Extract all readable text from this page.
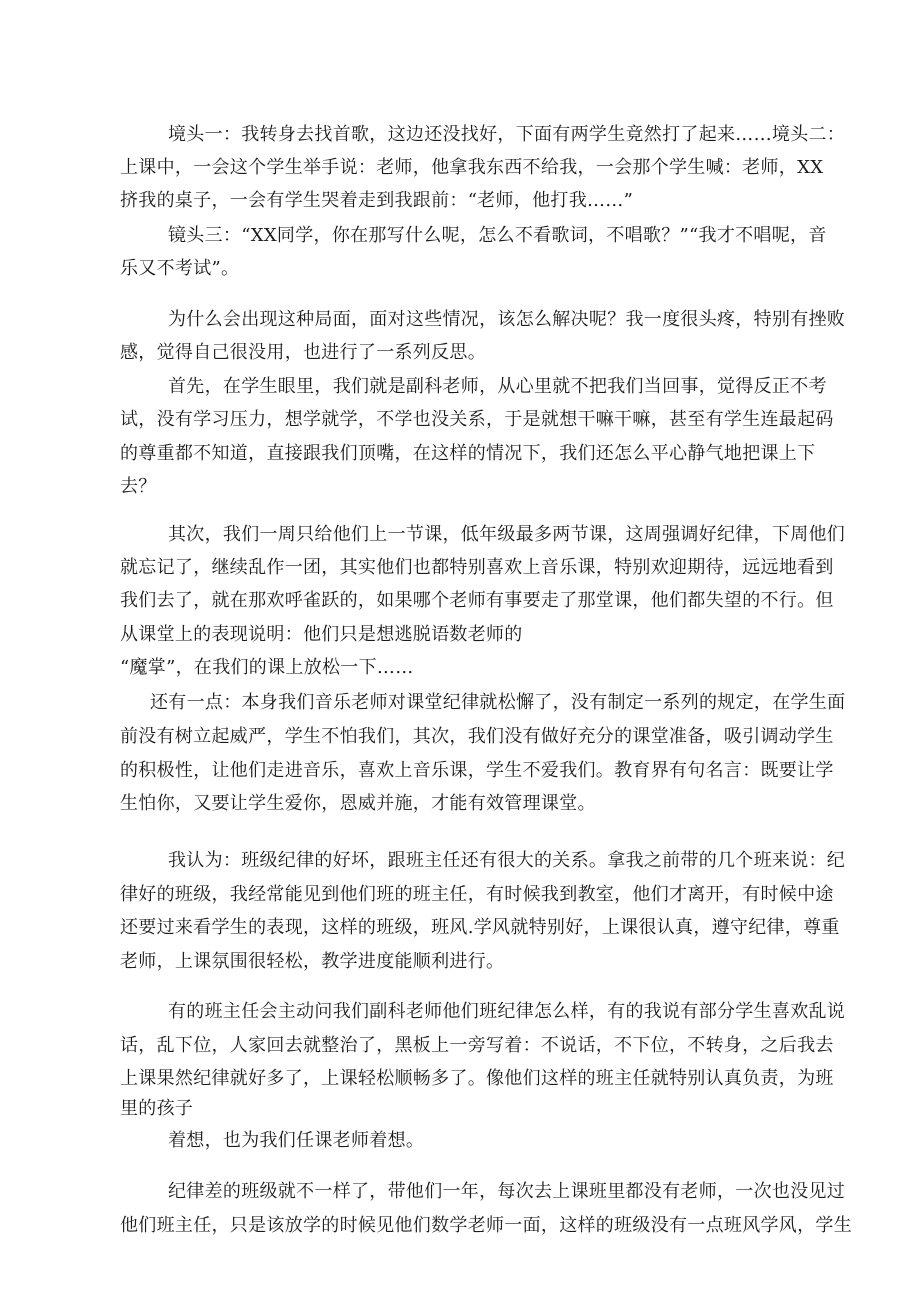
境头一：我转身去找首歌，这边还没找好，下面有两学生竟然打了起来……境头二：
上课中，一会这个学生举手说：老师，他拿我东西不给我，一会那个学生喊：老师，XX
挤我的桌子，一会有学生哭着走到我跟前：“老师，他打我……”
镜头三：“XX同学，你在那写什么呢，怎么不看歌词，不唱歌？”“我才不唱呢，音
乐又不考试”。
为什么会出现这种局面，面对这些情况，该怎么解决呢？我一度很头疼，特别有挫败
感，觉得自己很没用，也进行了一系列反思。
首先，在学生眼里，我们就是副科老师，从心里就不把我们当回事，觉得反正不考
试，没有学习压力，想学就学，不学也没关系，于是就想干嘛干嘛，甚至有学生连最起码
的尊重都不知道，直接跟我们顶嘴，在这样的情况下，我们还怎么平心静气地把课上下
去？
其次，我们一周只给他们上一节课，低年级最多两节课，这周强调好纪律，下周他们
就忘记了，继续乱作一团，其实他们也都特别喜欢上音乐课，特别欢迎期待，远远地看到
我们去了，就在那欢呼雀跃的，如果哪个老师有事要走了那堂课，他们都失望的不行。但
从课堂上的表现说明：他们只是想逃脱语数老师的
“魔掌”，在我们的课上放松一下……
还有一点：本身我们音乐老师对课堂纪律就松懈了，没有制定一系列的规定，在学生面
前没有树立起威严，学生不怕我们，其次，我们没有做好充分的课堂准备，吸引调动学生
的积极性，让他们走进音乐，喜欢上音乐课，学生不爱我们。教育界有句名言：既要让学
生怕你，又要让学生爱你，恩威并施，才能有效管理课堂。
我认为：班级纪律的好坏，跟班主任还有很大的关系。拿我之前带的几个班来说：纪
律好的班级，我经常能见到他们班的班主任，有时候我到教室，他们才离开，有时候中途
还要过来看学生的表现，这样的班级，班风.学风就特别好，上课很认真，遵守纪律，尊重
老师，上课氛围很轻松，教学进度能顺利进行。
有的班主任会主动问我们副科老师他们班纪律怎么样，有的我说有部分学生喜欢乱说
话，乱下位，人家回去就整治了，黑板上一旁写着：不说话，不下位，不转身，之后我去
上课果然纪律就好多了，上课轻松顺畅多了。像他们这样的班主任就特别认真负责，为班
里的孩子
着想，也为我们任课老师着想。
纪律差的班级就不一样了，带他们一年，每次去上课班里都没有老师，一次也没见过
他们班主任，只是该放学的时候见他们数学老师一面，这样的班级没有一点班风学风，学生
